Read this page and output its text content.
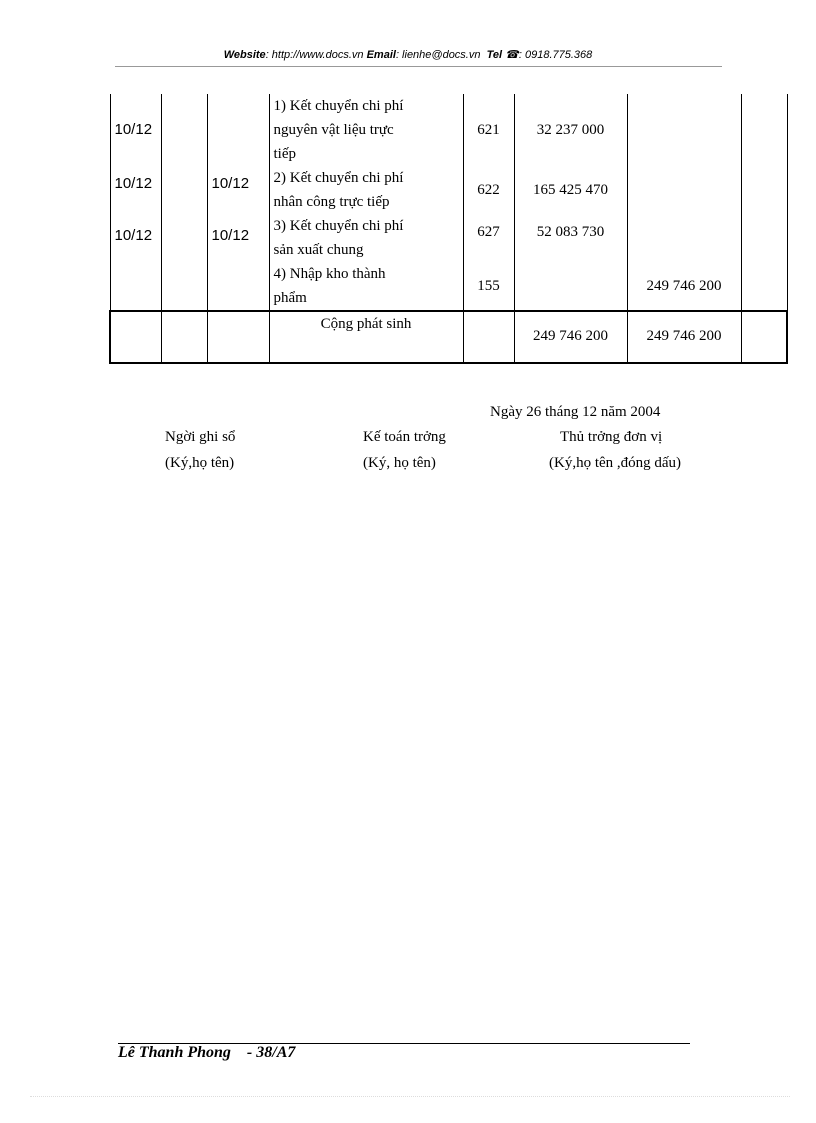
Website: http://www.docs.vn Email: lienhe@docs.vn Tel ☎: 0918.775.368
10/12			1) Kết chuyển chi phí
nguyên vật liệu trực
tiếp	621	32 237 000		

10/12		10/12	2) Kết chuyển chi phí
nhân công trực tiếp	622	165 425 470		

10/12		10/12	3) Kết chuyển chi phí
sản xuất chung	627	52 083 730		

			4) Nhập kho thành
phẩm	155		249 746 200	
			Cộng phát sinh		249 746 200	249 746 200	
Ngày 26 tháng 12 năm 2004
Ngời ghi sổ	Kế toán trởng	Thủ trởng đơn vị
(Ký,họ tên)	(Ký, họ tên)	(Ký,họ tên ,đóng dấu)
Lê Thanh Phong - 38/A7
